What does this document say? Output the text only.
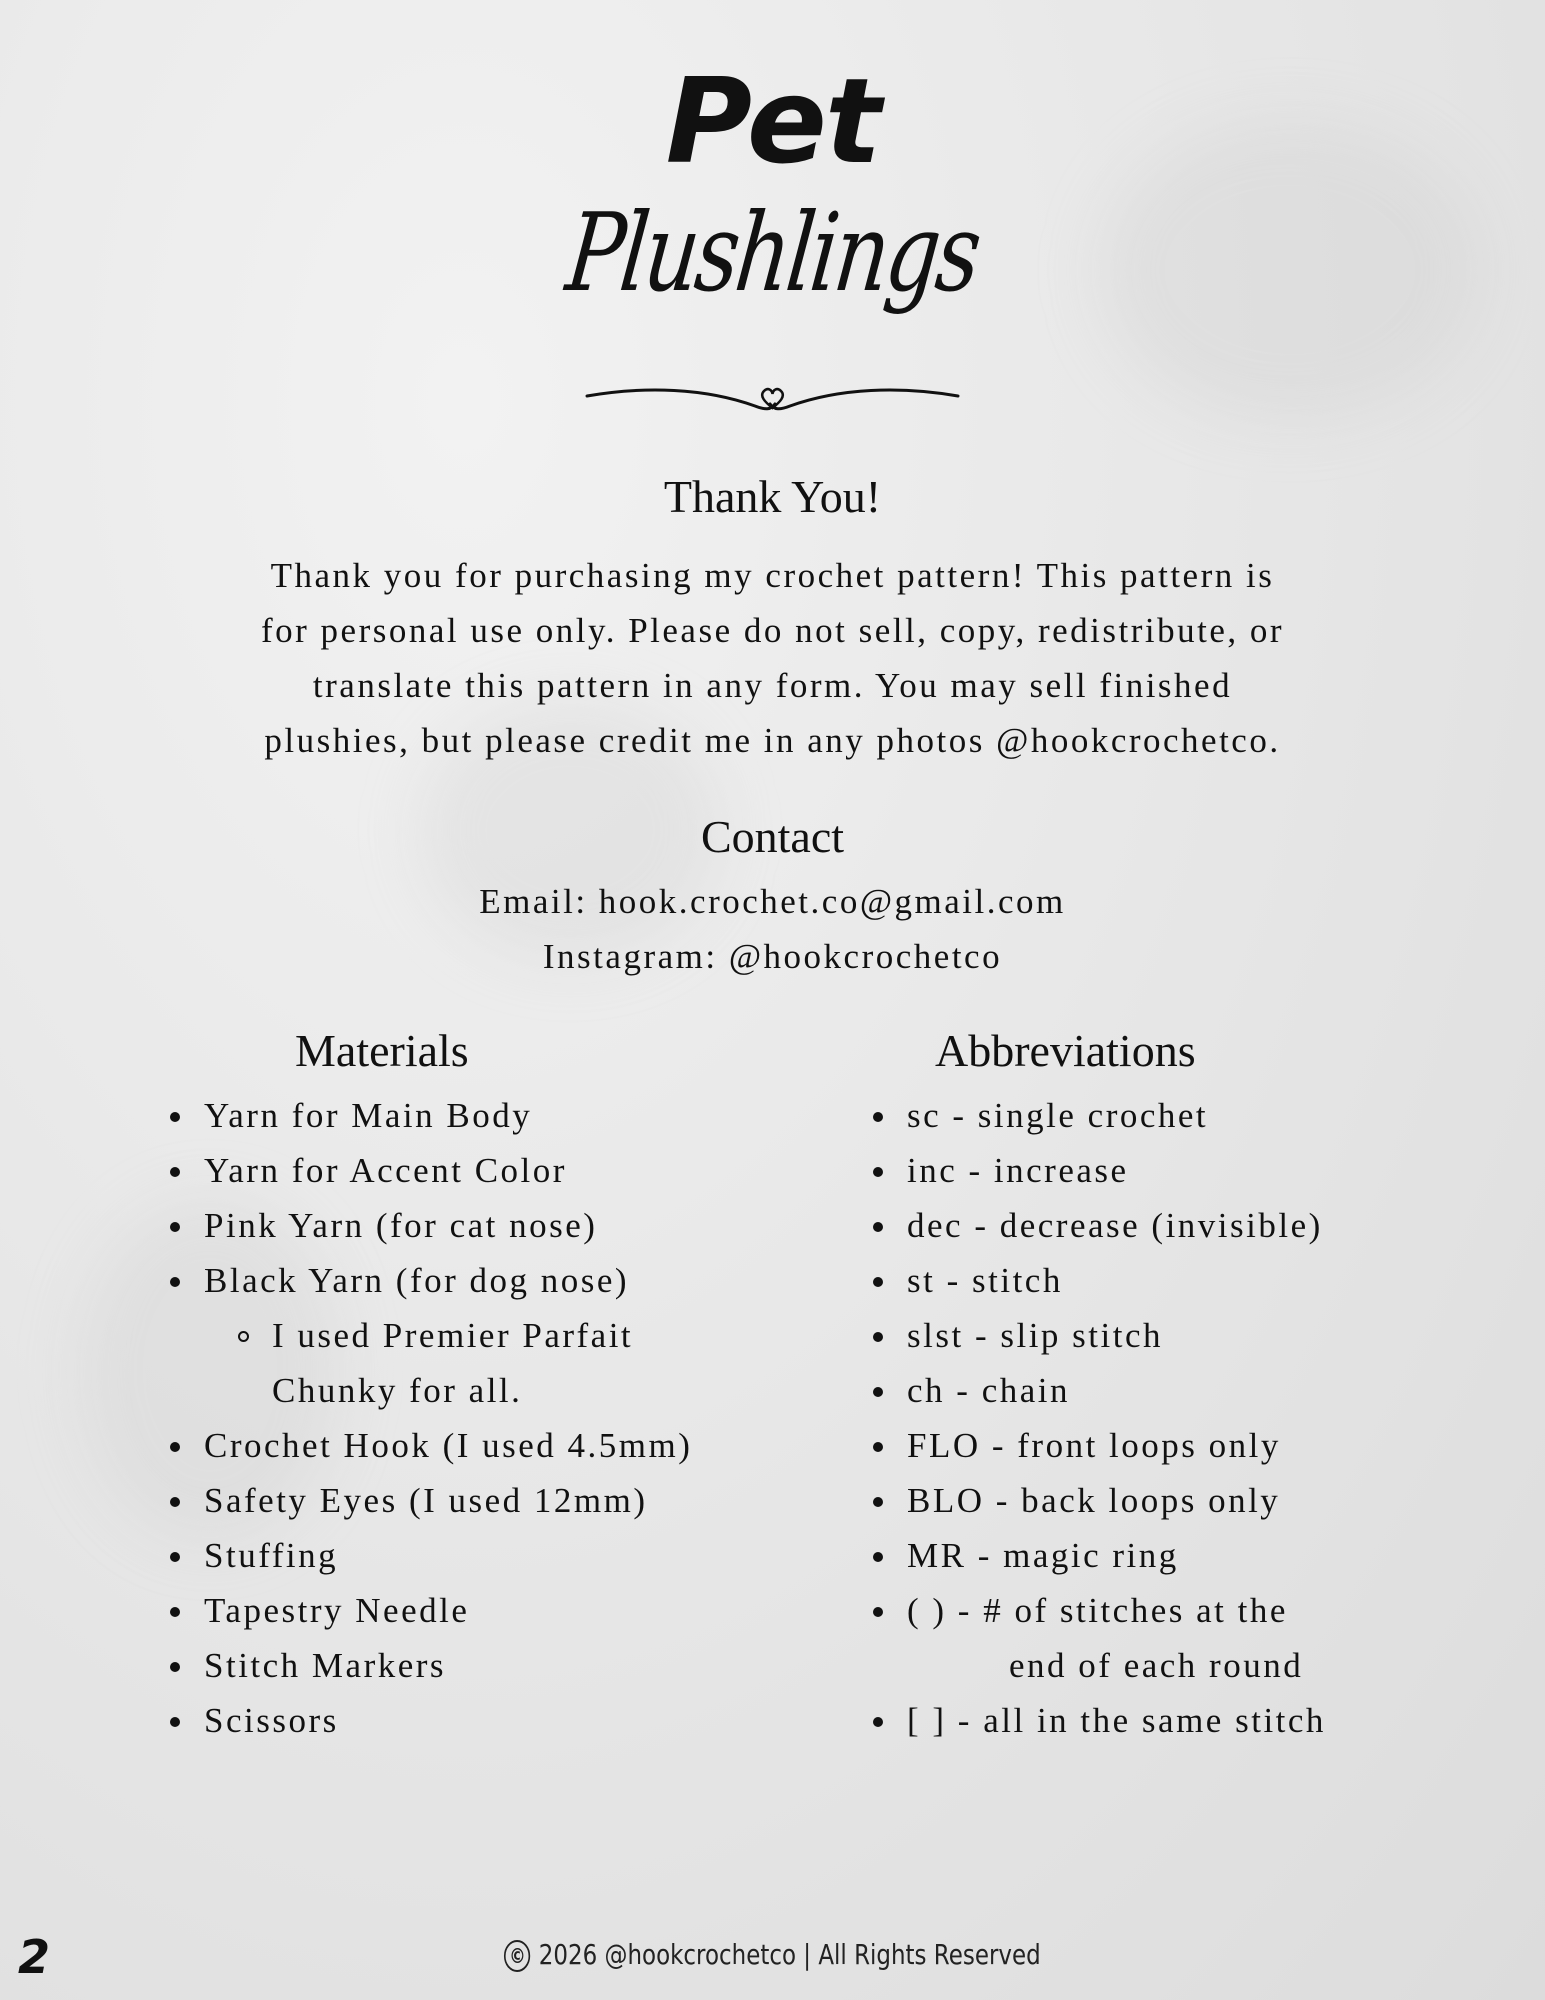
Pet
Plushlings
Thank You!
Thank you for purchasing my crochet pattern! This pattern is
for personal use only. Please do not sell, copy, redistribute, or
translate this pattern in any form. You may sell finished
plushies, but please credit me in any photos @hookcrochetco.
Contact
Email: hook.crochet.co@gmail.com
Instagram: @hookcrochetco
Materials
Yarn for Main Body
Yarn for Accent Color
Pink Yarn (for cat nose)
Black Yarn (for dog nose)
I used Premier Parfait
Chunky for all.
Crochet Hook (I used 4.5mm)
Safety Eyes (I used 12mm)
Stuffing
Tapestry Needle
Stitch Markers
Scissors
Abbreviations
sc - single crochet
inc - increase
dec - decrease (invisible)
st - stitch
slst - slip stitch
ch - chain
FLO - front loops only
BLO - back loops only
MR - magic ring
( ) - # of stitches at the
end of each round
[ ] - all in the same stitch
2	© 2026 @hookcrochetco | All Rights Reserved
